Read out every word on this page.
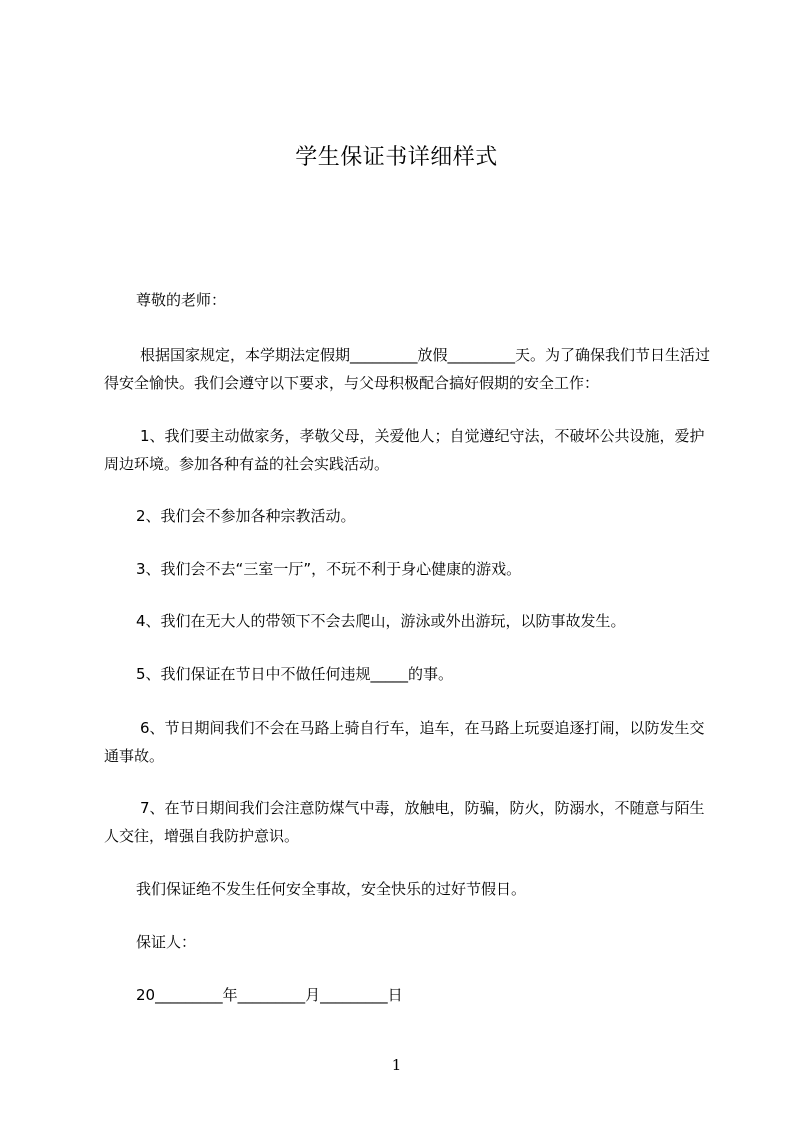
学生保证书详细样式
尊敬的老师：
根据国家规定，本学期法定假期_________放假_________天。为了确保我们节日生活过得安全愉快。我们会遵守以下要求，与父母积极配合搞好假期的安全工作：
1、我们要主动做家务，孝敬父母，关爱他人；自觉遵纪守法，不破坏公共设施，爱护周边环境。参加各种有益的社会实践活动。
2、我们会不参加各种宗教活动。
3、我们会不去“三室一厅”，不玩不利于身心健康的游戏。
4、我们在无大人的带领下不会去爬山，游泳或外出游玩，以防事故发生。
5、我们保证在节日中不做任何违规_____的事。
6、节日期间我们不会在马路上骑自行车，追车，在马路上玩耍追逐打闹，以防发生交通事故。
7、在节日期间我们会注意防煤气中毒，放触电，防骗，防火，防溺水，不随意与陌生人交往，增强自我防护意识。
我们保证绝不发生任何安全事故，安全快乐的过好节假日。
保证人：
20_________年_________月_________日
1
